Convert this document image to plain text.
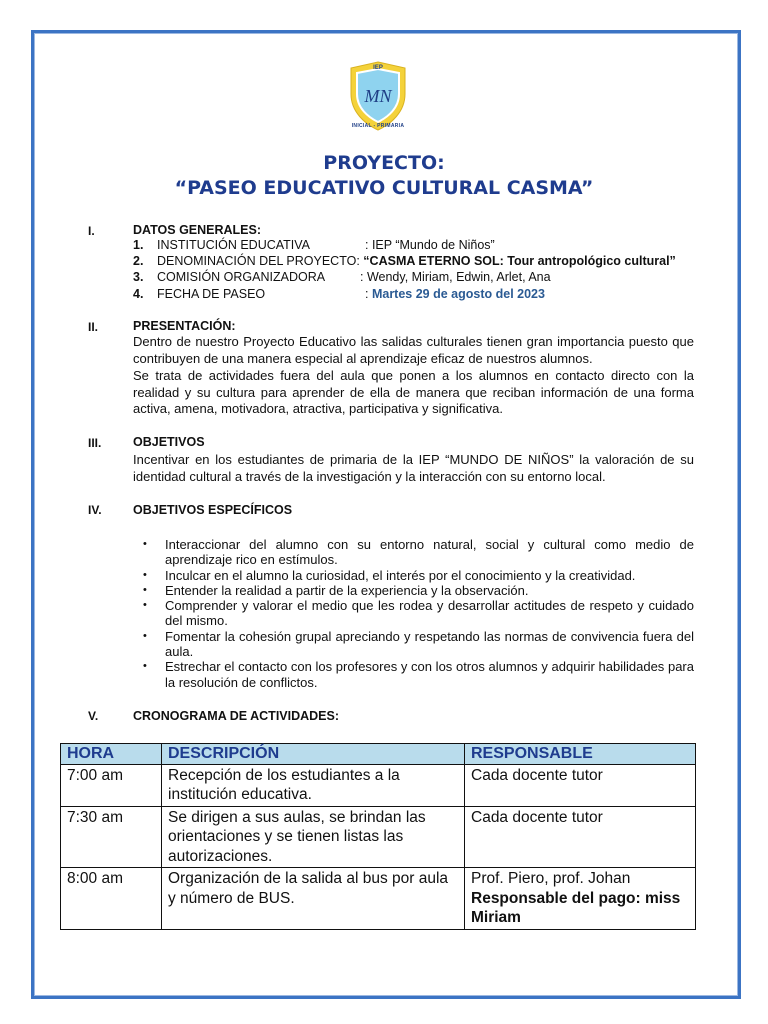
IEP
MN
INICIAL - PRIMARIA
PROYECTO:
“PASEO EDUCATIVO CULTURAL CASMA”
I.	DATOS GENERALES:
1. INSTITUCIÓN EDUCATIVA	: IEP “Mundo de Niños”
2. DENOMINACIÓN DEL PROYECTO: “CASMA ETERNO SOL: Tour antropológico cultural”
3. COMISIÓN ORGANIZADORA	: Wendy, Miriam, Edwin, Arlet, Ana
4. FECHA DE PASEO	: Martes 29 de agosto del 2023
II.	PRESENTACIÓN:
Dentro de nuestro Proyecto Educativo las salidas culturales tienen gran importancia puesto que contribuyen de una manera especial al aprendizaje eficaz de nuestros alumnos.
Se trata de actividades fuera del aula que ponen a los alumnos en contacto directo con la realidad y su cultura para aprender de ella de manera que reciban información de una forma activa, amena, motivadora, atractiva, participativa y significativa.
III.	OBJETIVOS
Incentivar en los estudiantes de primaria de la IEP “MUNDO DE NIÑOS” la valoración de su identidad cultural a través de la investigación y la interacción con su entorno local.
IV.	OBJETIVOS ESPECÍFICOS
• Interaccionar del alumno con su entorno natural, social y cultural como medio de aprendizaje rico en estímulos.
• Inculcar en el alumno la curiosidad, el interés por el conocimiento y la creatividad.
• Entender la realidad a partir de la experiencia y la observación.
• Comprender y valorar el medio que les rodea y desarrollar actitudes de respeto y cuidado del mismo.
• Fomentar la cohesión grupal apreciando y respetando las normas de convivencia fuera del aula.
• Estrechar el contacto con los profesores y con los otros alumnos y adquirir habilidades para la resolución de conflictos.
V.	CRONOGRAMA DE ACTIVIDADES:
HORA	DESCRIPCIÓN	RESPONSABLE
7:00 am	Recepción de los estudiantes a la institución educativa.	Cada docente tutor
7:30 am	Se dirigen a sus aulas, se brindan las orientaciones y se tienen listas las autorizaciones.	Cada docente tutor
8:00 am	Organización de la salida al bus por aula y número de BUS.	Prof. Piero, prof. Johan
Responsable del pago: miss Miriam
